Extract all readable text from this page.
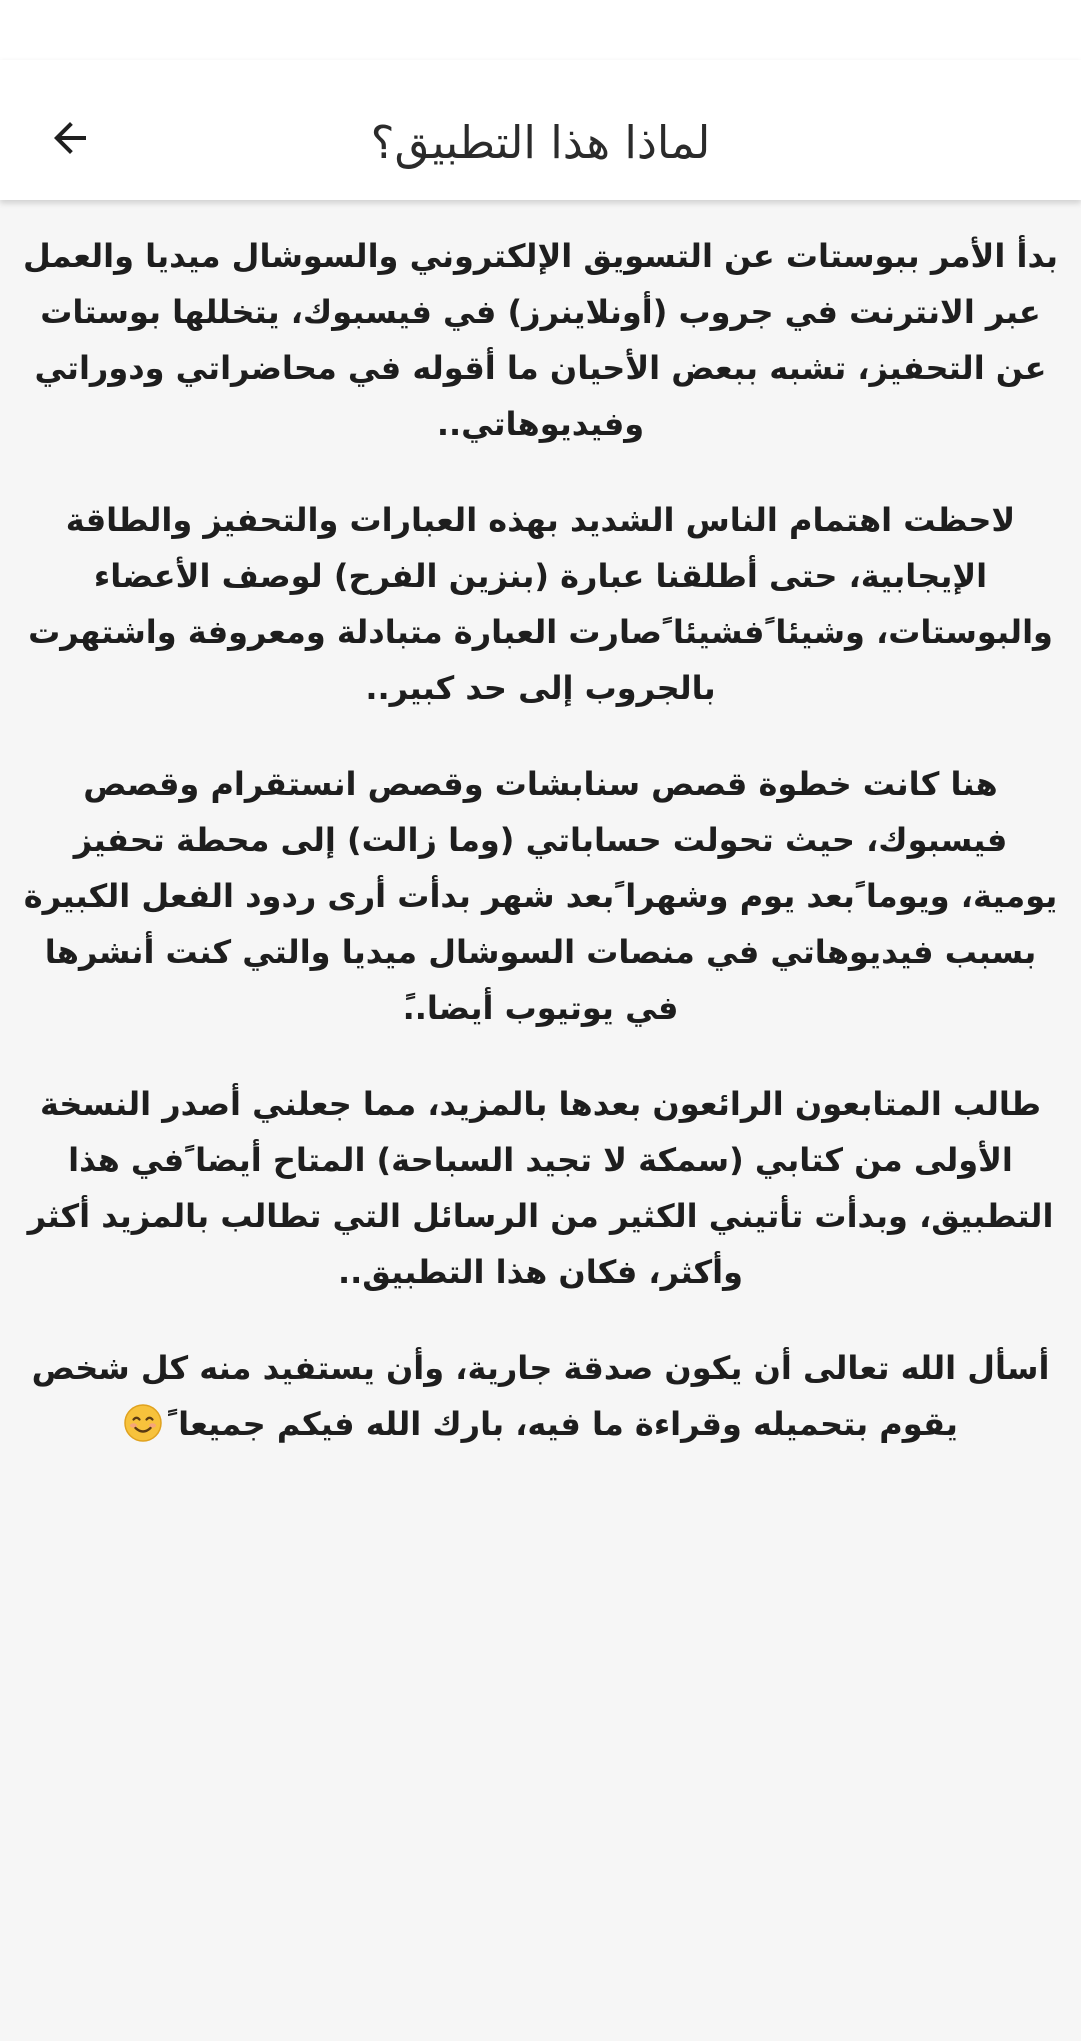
لماذا هذا التطبيق؟

بدأ الأمر ببوستات عن التسويق الإلكتروني والسوشال ميديا والعمل عبر الانترنت في جروب (أونلاينرز) في فيسبوك، يتخللها بوستات عن التحفيز، تشبه ببعض الأحيان ما أقوله في محاضراتي ودوراتي وفيديوهاتي..

لاحظت اهتمام الناس الشديد بهذه العبارات والتحفيز والطاقة الإيجابية، حتى أطلقنا عبارة (بنزين الفرح) لوصف الأعضاء والبوستات، وشيئا ًفشيئا ًصارت العبارة متبادلة ومعروفة واشتهرت بالجروب إلى حد كبير..

هنا كانت خطوة قصص سنابشات وقصص انستقرام وقصص فيسبوك، حيث تحولت حساباتي (وما زالت) إلى محطة تحفيز يومية، ويوما ًبعد يوم وشهرا ًبعد شهر بدأت أرى ردود الفعل الكبيرة بسبب فيديوهاتي في منصات السوشال ميديا والتي كنت أنشرها في يوتيوب أيضا..ً

طالب المتابعون الرائعون بعدها بالمزيد، مما جعلني أصدر النسخة الأولى من كتابي (سمكة لا تجيد السباحة) المتاح أيضا ًفي هذا التطبيق، وبدأت تأتيني الكثير من الرسائل التي تطالب بالمزيد أكثر وأكثر، فكان هذا التطبيق..

أسأل الله تعالى أن يكون صدقة جارية، وأن يستفيد منه كل شخص يقوم بتحميله وقراءة ما فيه، بارك الله فيكم جميعا ً
